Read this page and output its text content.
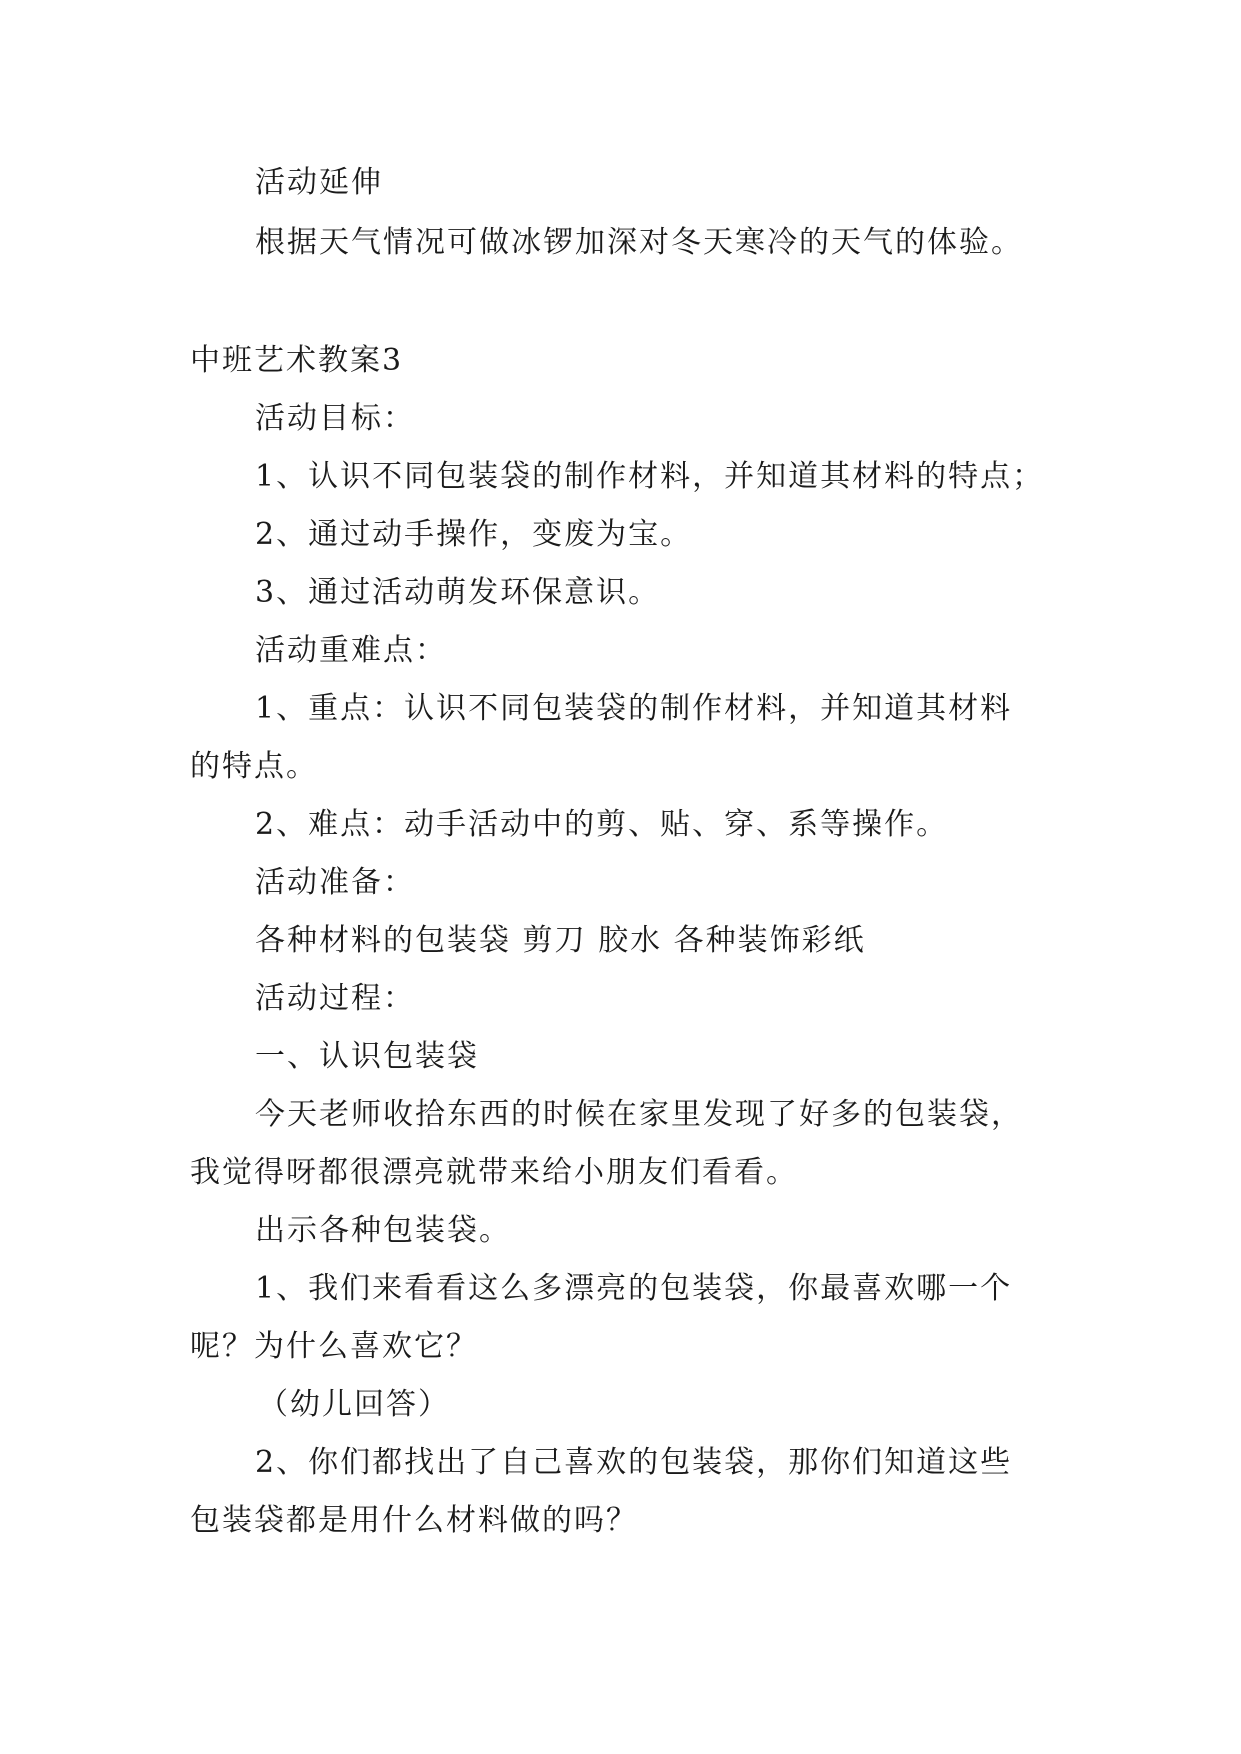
活动延伸
根据天气情况可做冰锣加深对冬天寒冷的天气的体验。
中班艺术教案3
活动目标：
1、认识不同包装袋的制作材料，并知道其材料的特点；
2、通过动手操作，变废为宝。
3、通过活动萌发环保意识。
活动重难点：
1、重点：认识不同包装袋的制作材料，并知道其材料
的特点。
2、难点：动手活动中的剪、贴、穿、系等操作。
活动准备：
各种材料的包装袋 剪刀 胶水 各种装饰彩纸
活动过程：
一、认识包装袋
今天老师收拾东西的时候在家里发现了好多的包装袋，
我觉得呀都很漂亮就带来给小朋友们看看。
出示各种包装袋。
1、我们来看看这么多漂亮的包装袋，你最喜欢哪一个
呢？为什么喜欢它？
（幼儿回答）
2、你们都找出了自己喜欢的包装袋，那你们知道这些
包装袋都是用什么材料做的吗？
